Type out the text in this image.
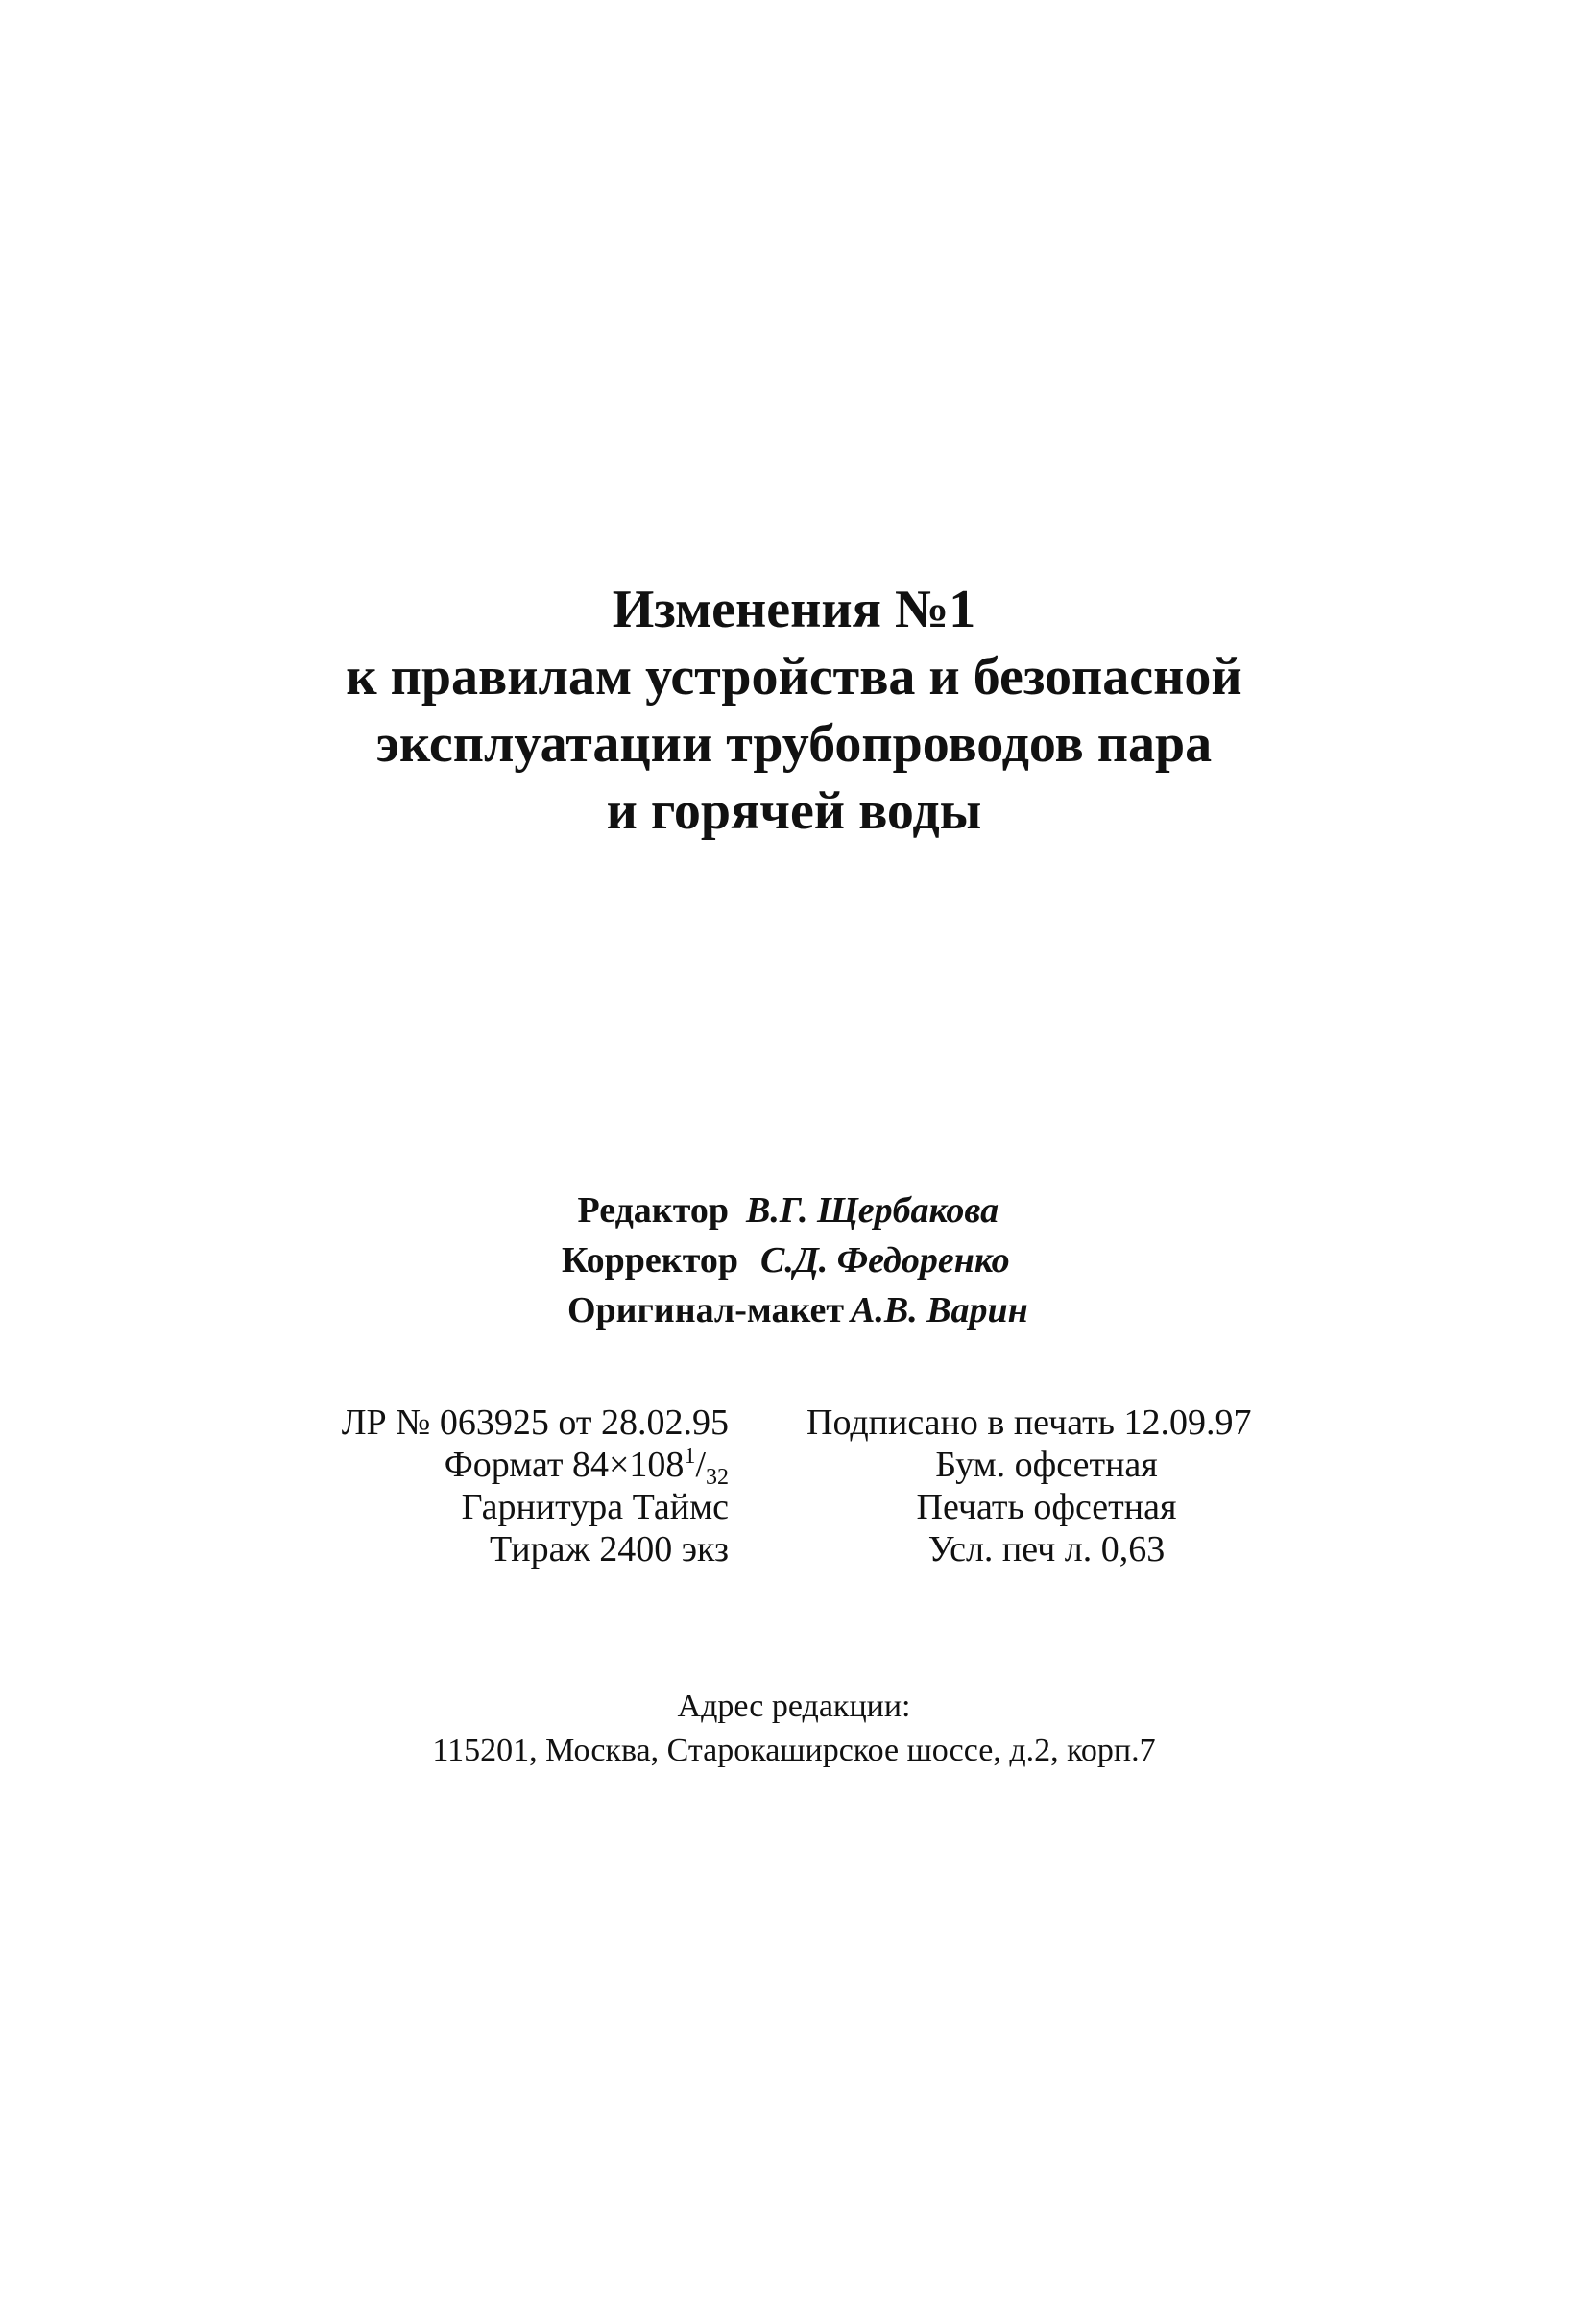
Изменения №1
к правилам устройства и безопасной
эксплуатации трубопроводов пара
и горячей воды
Редактор В.Г. Щербакова
Корректор С.Д. Федоренко
Оригинал-макет А.В. Варин
ЛР № 063925 от 28.02.95
Формат $84\times 108^1/_{32}$
Гарнитура Таймс
Тираж 2400 экз
Подписано в печать 12.09.97
Бум. офсетная
Печать офсетная
Усл. печ л. 0,63
Адрес редакции:
115201, Москва, Старокаширское шоссе, д.2, корп.7
